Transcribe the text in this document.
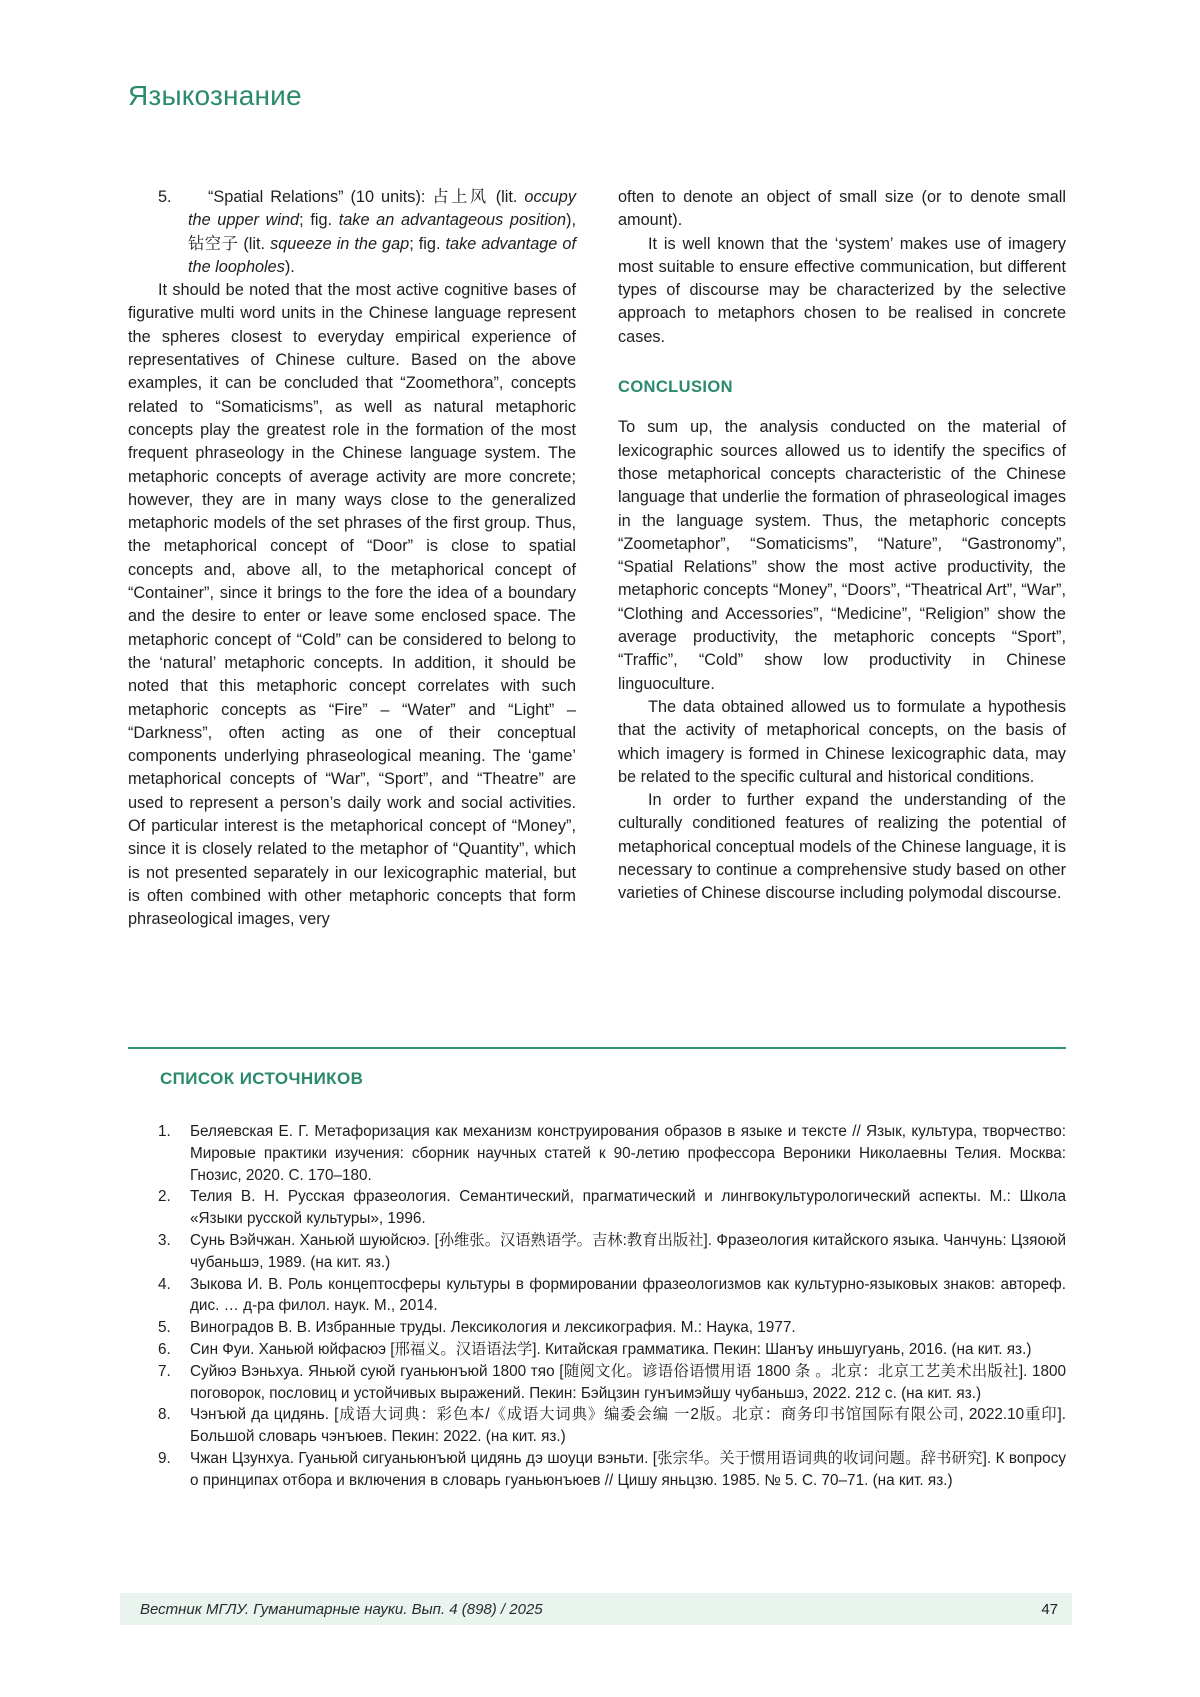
Языкознание
5. “Spatial Relations” (10 units): 占上风 (lit. occupy the upper wind; fig. take an advantageous position),钻空子 (lit. squeeze in the gap; fig. take advantage of the loopholes).
It should be noted that the most active cognitive bases of figurative multi word units in the Chinese language represent the spheres closest to everyday empirical experience of representatives of Chinese culture. Based on the above examples, it can be concluded that “Zoomethora”, concepts related to “Somaticisms”, as well as natural metaphoric concepts play the greatest role in the formation of the most frequent phraseology in the Chinese language system. The metaphoric concepts of average activity are more concrete; however, they are in many ways close to the generalized metaphoric models of the set phrases of the first group. Thus, the metaphorical concept of “Door” is close to spatial concepts and, above all, to the metaphorical concept of “Container”, since it brings to the fore the idea of a boundary and the desire to enter or leave some enclosed space. The metaphoric concept of “Cold” can be considered to belong to the ‘natural’ metaphoric concepts. In addition, it should be noted that this metaphoric concept correlates with such metaphoric concepts as “Fire” – “Water” and “Light” – “Darkness”, often acting as one of their conceptual components underlying phraseological meaning. The ‘game’ metaphorical concepts of “War”, “Sport”, and “Theatre” are used to represent a person’s daily work and social activities. Of particular interest is the metaphorical concept of “Money”, since it is closely related to the metaphor of “Quantity”, which is not presented separately in our lexicographic material, but is often combined with other metaphoric concepts that form phraseological images, very
often to denote an object of small size (or to denote small amount).
It is well known that the ‘system’ makes use of imagery most suitable to ensure effective communication, but different types of discourse may be characterized by the selective approach to metaphors chosen to be realised in concrete cases.
CONCLUSION
To sum up, the analysis conducted on the material of lexicographic sources allowed us to identify the specifics of those metaphorical concepts characteristic of the Chinese language that underlie the formation of phraseological images in the language system. Thus, the metaphoric concepts “Zoometaphor”, “Somaticisms”, “Nature”, “Gastronomy”, “Spatial Relations” show the most active productivity, the metaphoric concepts “Money”, “Doors”, “Theatrical Art”, “War”, “Clothing and Accessories”, “Medicine”, “Religion” show the average productivity, the metaphoric concepts “Sport”, “Traffic”, “Cold” show low productivity in Chinese linguoculture.
The data obtained allowed us to formulate a hypothesis that the activity of metaphorical concepts, on the basis of which imagery is formed in Chinese lexicographic data, may be related to the specific cultural and historical conditions.
In order to further expand the understanding of the culturally conditioned features of realizing the potential of metaphorical conceptual models of the Chinese language, it is necessary to continue a comprehensive study based on other varieties of Chinese discourse including polymodal discourse.
СПИСОК ИСТОЧНИКОВ
1. Беляевская Е. Г. Метафоризация как механизм конструирования образов в языке и тексте // Язык, культура, творчество: Мировые практики изучения: сборник научных статей к 90-летию профессора Вероники Николаевны Телия. Москва: Гнозис, 2020. С. 170–180.
2. Телия В. Н. Русская фразеология. Семантический, прагматический и лингвокультурологический аспекты. М.: Школа «Языки русской культуры», 1996.
3. Сунь Вэйчжан. Ханьюй шуюйсюэ. [孙维张。汉语熟语学。吉林:教育出版社]. Фразеология китайского языка. Чанчунь: Цзяоюй чубаньшэ, 1989. (на кит. яз.)
4. Зыкова И. В. Роль концептосферы культуры в формировании фразеологизмов как культурно-языковых знаков: автореф. дис. … д-ра филол. наук. М., 2014.
5. Виноградов В. В. Избранные труды. Лексикология и лексикография. М.: Наука, 1977.
6. Син Фуи. Ханьюй юйфасюэ [邢福义。汉语语法学]. Китайская грамматика. Пекин: Шанъу иньшугуань, 2016. (на кит. яз.)
7. Суйюэ Вэньхуа. Яньюй суюй гуаньюнъюй 1800 тяо [随阅文化。谚语俗语惯用语 1800 条 。北京：北京工艺美术出版社]. 1800 поговорок, пословиц и устойчивых выражений. Пекин: Бэйцзин гунъимэйшу чубаньшэ, 2022. 212 с. (на кит. яз.)
8. Чэнъюй да цидянь. [成语大词典：彩色本/《成语大词典》编委会编 一2版。北京：商务印书馆国际有限公司, 2022.10重印]. Большой словарь чэнъюев. Пекин: 2022. (на кит. яз.)
9. Чжан Цзунхуа. Гуаньюй сигуаньюнъюй цидянь дэ шоуци вэньти. [张宗华。关于惯用语词典的收词问题。辞书研究]. К вопросу о принципах отбора и включения в словарь гуаньюнъюев // Цишу яньцзю. 1985. № 5. С. 70–71. (на кит. яз.)
Вестник МГЛУ. Гуманитарные науки. Вып. 4 (898) / 2025	47
